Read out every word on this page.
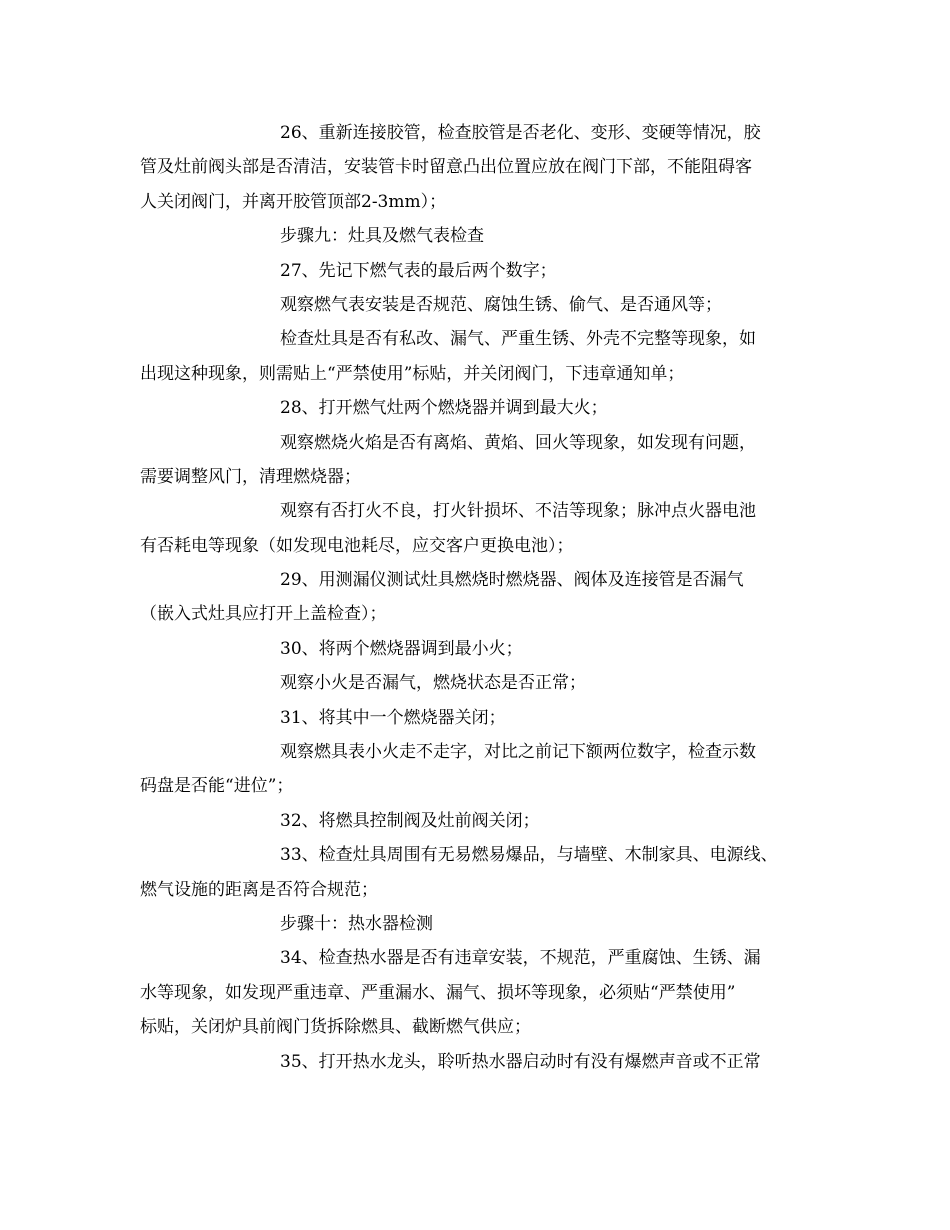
26、重新连接胶管，检查胶管是否老化、变形、变硬等情况，胶
管及灶前阀头部是否清洁，安装管卡时留意凸出位置应放在阀门下部，不能阻碍客
人关闭阀门，并离开胶管顶部2-3mm）；
步骤九：灶具及燃气表检查
27、先记下燃气表的最后两个数字；
观察燃气表安装是否规范、腐蚀生锈、偷气、是否通风等；
检查灶具是否有私改、漏气、严重生锈、外壳不完整等现象，如
出现这种现象，则需贴上“严禁使用”标贴，并关闭阀门，下违章通知单；
28、打开燃气灶两个燃烧器并调到最大火；
观察燃烧火焰是否有离焰、黄焰、回火等现象，如发现有问题，
需要调整风门，清理燃烧器；
观察有否打火不良，打火针损坏、不洁等现象；脉冲点火器电池
有否耗电等现象（如发现电池耗尽，应交客户更换电池）；
29、用测漏仪测试灶具燃烧时燃烧器、阀体及连接管是否漏气
（嵌入式灶具应打开上盖检查）；
30、将两个燃烧器调到最小火；
观察小火是否漏气，燃烧状态是否正常；
31、将其中一个燃烧器关闭；
观察燃具表小火走不走字，对比之前记下额两位数字，检查示数
码盘是否能“进位”；
32、将燃具控制阀及灶前阀关闭；
33、检查灶具周围有无易燃易爆品，与墙壁、木制家具、电源线、
燃气设施的距离是否符合规范；
步骤十：热水器检测
34、检查热水器是否有违章安装，不规范，严重腐蚀、生锈、漏
水等现象，如发现严重违章、严重漏水、漏气、损坏等现象，必须贴“严禁使用”
标贴，关闭炉具前阀门货拆除燃具、截断燃气供应；
35、打开热水龙头，聆听热水器启动时有没有爆燃声音或不正常
